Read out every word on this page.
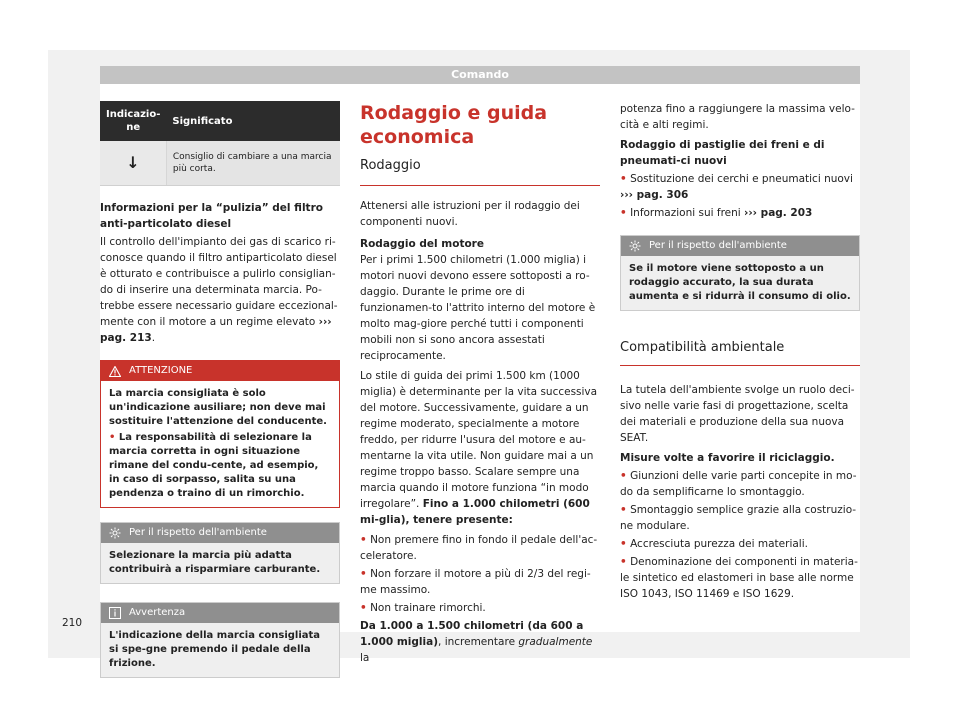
Comando
Indicazio-ne	Significato
↓	Consiglio di cambiare a una marcia più corta.

Informazioni per la “pulizia” del filtro anti-particolato diesel

Il controllo dell'impianto dei gas di scarico ri-conosce quando il filtro antiparticolato diesel è otturato e contribuisce a pulirlo consiglian-do di inserire una determinata marcia. Po-trebbe essere necessario guidare eccezional-mente con il motore a un regime elevato ››› pag. 213.

ATTENZIONE
La marcia consigliata è solo un'indicazione ausiliare; non deve mai sostituire l'attenzione del conducente.
• La responsabilità di selezionare la marcia corretta in ogni situazione rimane del condu-cente, ad esempio, in caso di sorpasso, salita su una pendenza o traino di un rimorchio.
Per il rispetto dell'ambiente
Selezionare la marcia più adatta contribuirà a risparmiare carburante.
Avvertenza
L'indicazione della marcia consigliata si spe-gne premendo il pedale della frizione.
Rodaggio e guida economica
Rodaggio

Attenersi alle istruzioni per il rodaggio dei componenti nuovi.

Rodaggio del motore

Per i primi 1.500 chilometri (1.000 miglia) i motori nuovi devono essere sottoposti a ro-daggio. Durante le prime ore di funzionamen-to l'attrito interno del motore è molto mag-giore perché tutti i componenti mobili non si sono ancora assestati reciprocamente.

Lo stile di guida dei primi 1.500 km (1000 miglia) è determinante per la vita successiva del motore. Successivamente, guidare a un regime moderato, specialmente a motore freddo, per ridurre l'usura del motore e au-mentarne la vita utile. Non guidare mai a un regime troppo basso. Scalare sempre una marcia quando il motore funziona “in modo irregolare”. Fino a 1.000 chilometri (600 mi-glia), tenere presente:

• Non premere fino in fondo il pedale dell'ac-celeratore.

• Non forzare il motore a più di 2/3 del regi-me massimo.

• Non trainare rimorchi.

Da 1.000 a 1.500 chilometri (da 600 a 1.000 miglia), incrementare gradualmente la

potenza fino a raggiungere la massima velo-cità e alti regimi.

Rodaggio di pastiglie dei freni e di pneumati-ci nuovi

• Sostituzione dei cerchi e pneumatici nuovi ››› pag. 306

• Informazioni sui freni ››› pag. 203

Per il rispetto dell'ambiente
Se il motore viene sottoposto a un rodaggio accurato, la sua durata aumenta e si ridurrà il consumo di olio.
Compatibilità ambientale

La tutela dell'ambiente svolge un ruolo deci-sivo nelle varie fasi di progettazione, scelta dei materiali e produzione della sua nuova SEAT.

Misure volte a favorire il riciclaggio.

• Giunzioni delle varie parti concepite in mo-do da semplificarne lo smontaggio.

• Smontaggio semplice grazie alla costruzio-ne modulare.

• Accresciuta purezza dei materiali.

• Denominazione dei componenti in materia-le sintetico ed elastomeri in base alle norme ISO 1043, ISO 11469 e ISO 1629.

210
